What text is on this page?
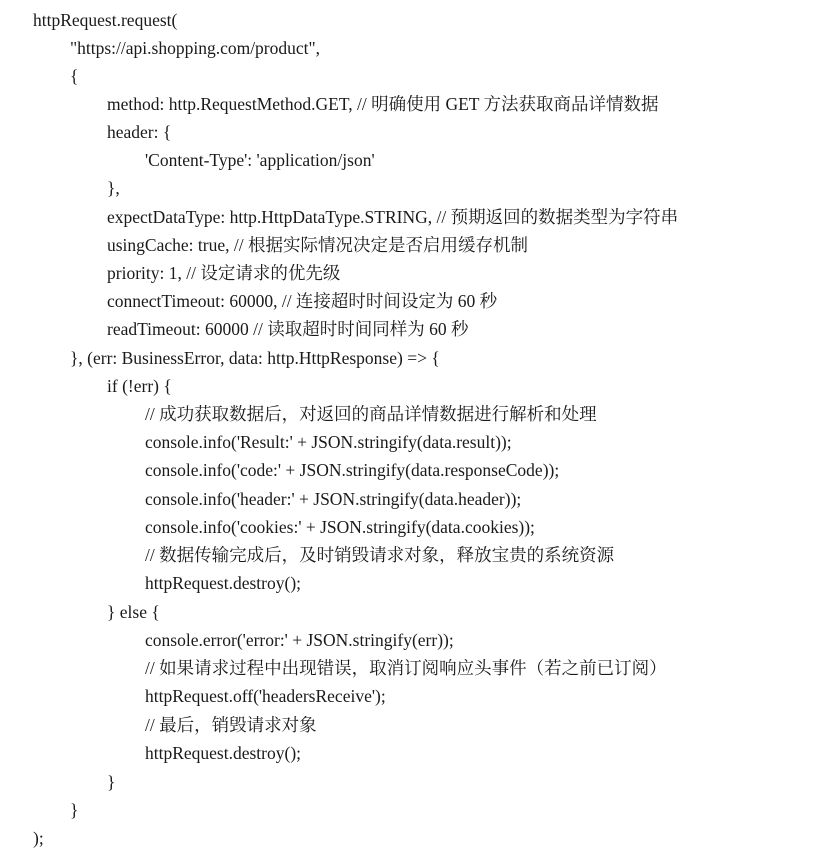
httpRequest.request(
"https://api.shopping.com/product",
{
method: http.RequestMethod.GET, // 明确使用 GET 方法获取商品详情数据
header: {
'Content-Type': 'application/json'
},
expectDataType: http.HttpDataType.STRING, // 预期返回的数据类型为字符串
usingCache: true, // 根据实际情况决定是否启用缓存机制
priority: 1, // 设定请求的优先级
connectTimeout: 60000, // 连接超时时间设定为 60 秒
readTimeout: 60000 // 读取超时时间同样为 60 秒
}, (err: BusinessError, data: http.HttpResponse) => {
if (!err) {
// 成功获取数据后，对返回的商品详情数据进行解析和处理
console.info('Result:' + JSON.stringify(data.result));
console.info('code:' + JSON.stringify(data.responseCode));
console.info('header:' + JSON.stringify(data.header));
console.info('cookies:' + JSON.stringify(data.cookies));
// 数据传输完成后，及时销毁请求对象，释放宝贵的系统资源
httpRequest.destroy();
} else {
console.error('error:' + JSON.stringify(err));
// 如果请求过程中出现错误，取消订阅响应头事件（若之前已订阅）
httpRequest.off('headersReceive');
// 最后，销毁请求对象
httpRequest.destroy();
}
}
);
